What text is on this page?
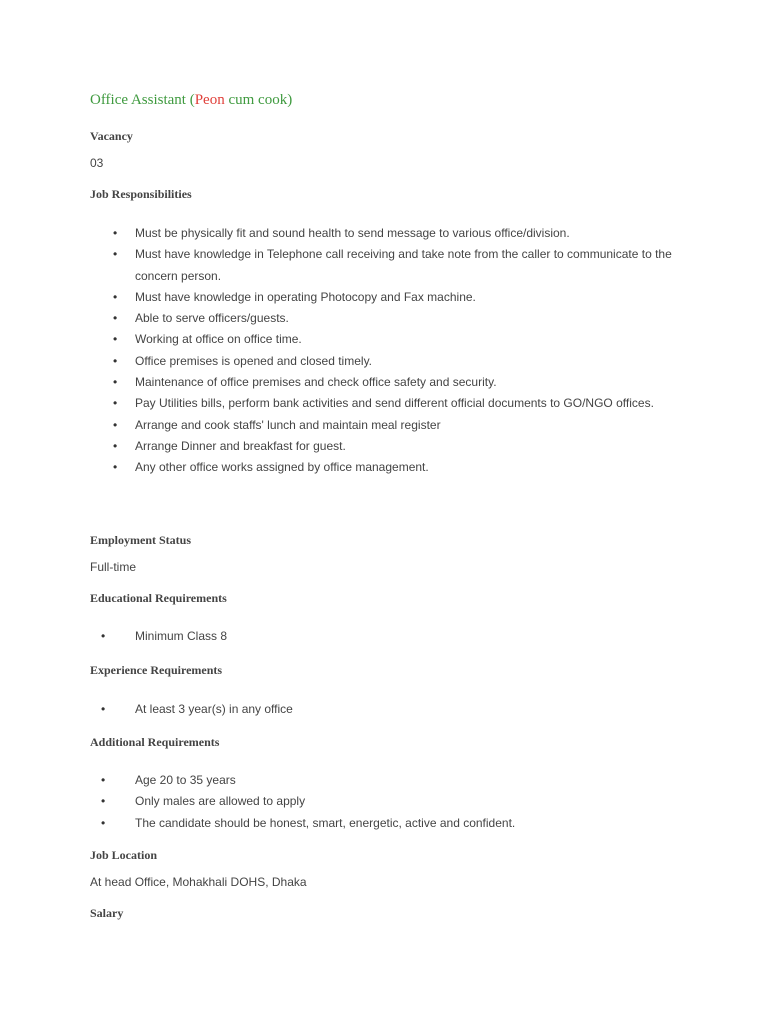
Office Assistant (Peon cum cook)
Vacancy
03
Job Responsibilities
• Must be physically fit and sound health to send message to various office/division.
• Must have knowledge in Telephone call receiving and take note from the caller to communicate to the concern person.
• Must have knowledge in operating Photocopy and Fax machine.
• Able to serve officers/guests.
• Working at office on office time.
• Office premises is opened and closed timely.
• Maintenance of office premises and check office safety and security.
• Pay Utilities bills, perform bank activities and send different official documents to GO/NGO offices.
• Arrange and cook staffs' lunch and maintain meal register
• Arrange Dinner and breakfast for guest.
• Any other office works assigned by office management.
Employment Status
Full-time
Educational Requirements
• Minimum Class 8
Experience Requirements
• At least 3 year(s) in any office
Additional Requirements
• Age 20 to 35 years
• Only males are allowed to apply
• The candidate should be honest, smart, energetic, active and confident.
Job Location
At head Office, Mohakhali DOHS, Dhaka
Salary
